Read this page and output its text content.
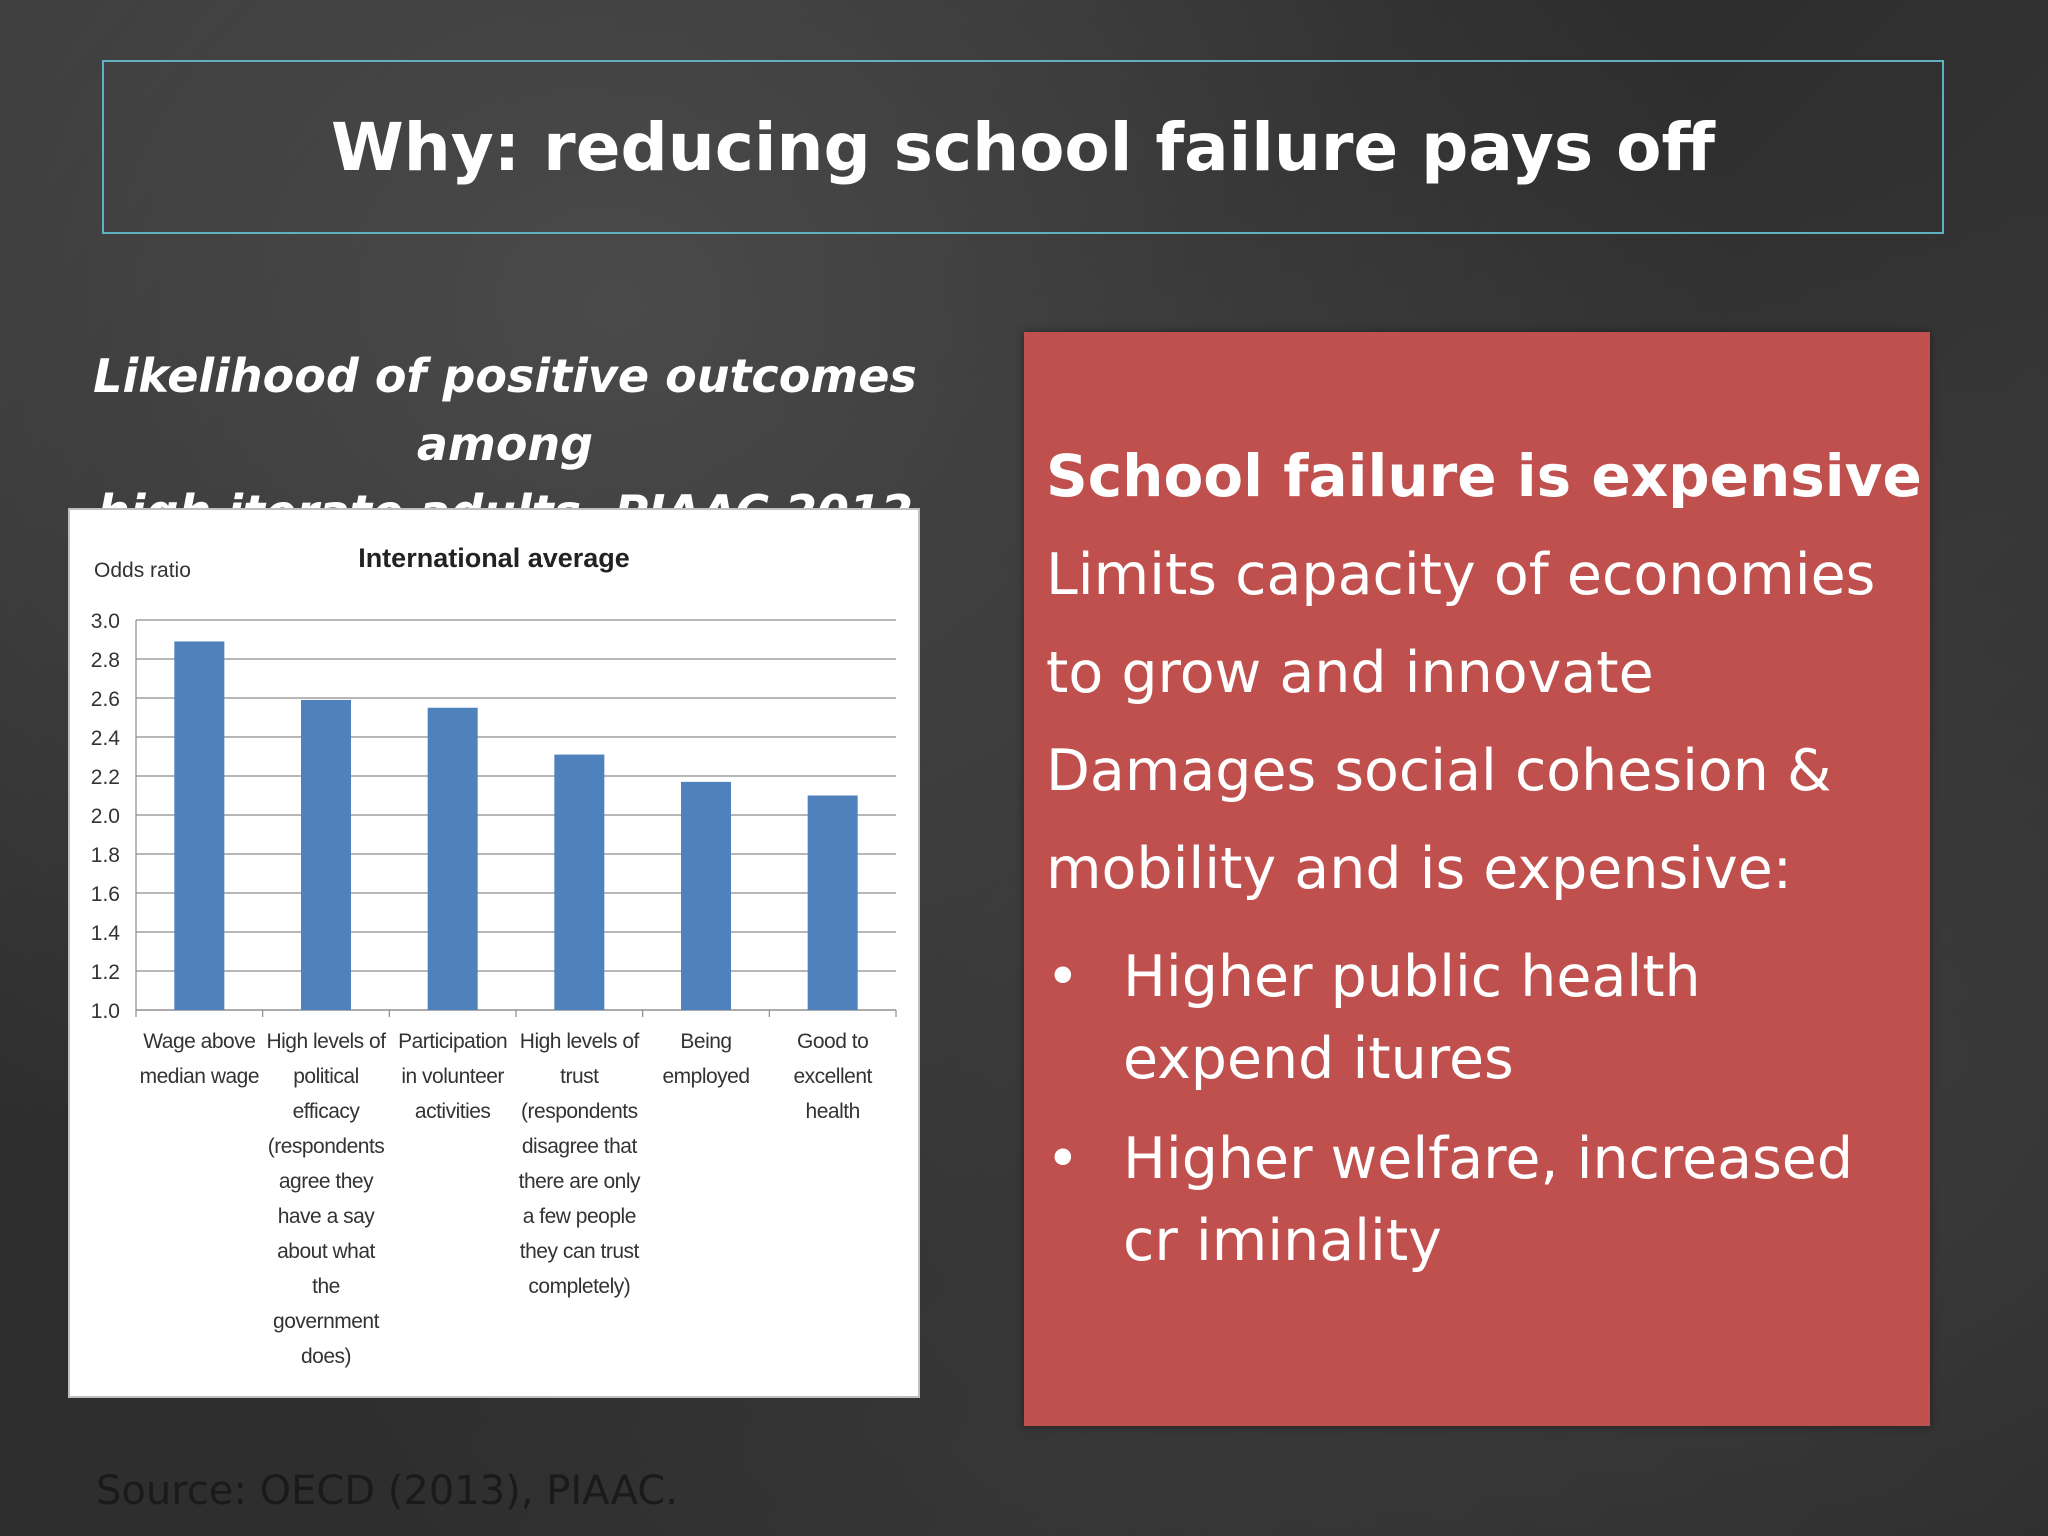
Why: reducing school failure pays off
Likelihood of positive outcomes among
1.0
1.2
1.4
1.6
1.8
2.0
2.2
2.4
2.6
2.8
3.0
International average
Odds ratio
Wage above
median wage
High levels of
political
efficacy
(respondents
agree they
have a say
about what
the
government
does)
Participation
in volunteer
activities
High levels of
trust
(respondents
disagree that
there are only
a few people
they can trust
completely)
Being
employed
Good to
excellent
health
School failure is expensive
Limits capacity of economies
to grow and innovate
Damages social cohesion &
mobility and is expensive:
• Higher public health expend itures
• Higher welfare, increased cr iminality
Source: OECD (2013), PIAAC.
